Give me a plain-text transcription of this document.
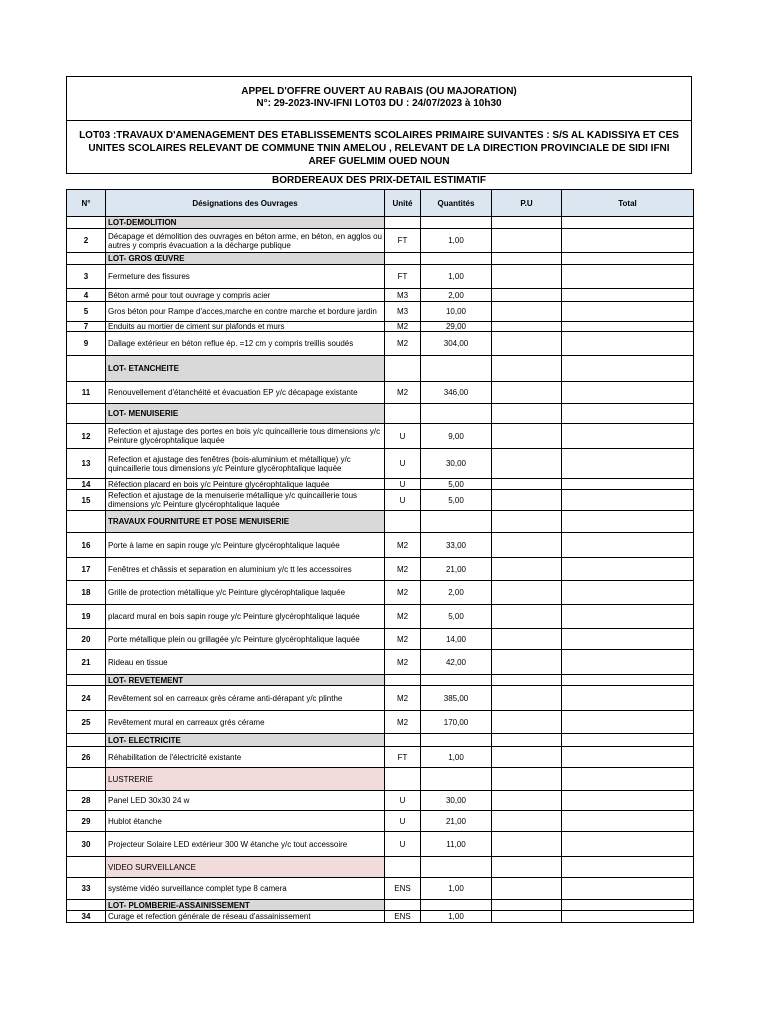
APPEL D'OFFRE OUVERT AU RABAIS (OU MAJORATION)
N°: 29-2023-INV-IFNI LOT03 DU : 24/07/2023 à 10h30
LOT03 :TRAVAUX D'AMENAGEMENT DES ETABLISSEMENTS SCOLAIRES PRIMAIRE SUIVANTES : S/S AL KADISSIYA ET CES UNITES SCOLAIRES RELEVANT DE COMMUNE TNIN AMELOU , RELEVANT DE LA DIRECTION PROVINCIALE DE SIDI IFNI AREF GUELMIM OUED NOUN
BORDEREAUX DES PRIX-DETAIL ESTIMATIF
N°	Désignations des Ouvrages	Unité	Quantités	P.U	Total
	LOT-DEMOLITION				
2	Décapage et démolition des ouvrages en béton arme, en béton, en agglos ou autres y compris évacuation a la décharge publique	FT	1,00		
	LOT- GROS ŒUVRE				
3	Fermeture des fissures	FT	1,00		
4	Béton armé pour tout ouvrage y compris acier	M3	2,00		
5	Gros béton pour Rampe d'acces,marche en contre marche et bordure jardin	M3	10,00		
7	Enduits au mortier de ciment sur plafonds et murs	M2	29,00		
9	Dallage extérieur en béton reflue ép. =12 cm y compris treillis soudés	M2	304,00		
	LOT- ETANCHEITE				
11	Renouvellement d'étanchéité et évacuation EP y/c décapage existante	M2	346,00		
	LOT- MENUISERIE				
12	Refection et ajustage des portes en bois y/c quincaillerie tous dimensions y/c Peinture glycérophtalique laquée	U	9,00		
13	Refection et ajustage des fenêtres (bois-aluminium et métallique) y/c quincaillerie tous dimensions y/c Peinture glycérophtalique laquée	U	30,00		
14	Réfection placard en bois y/c Peinture glycérophtalique laquée	U	5,00		
15	Refection et ajustage de la menuiserie métallique y/c quincaillerie tous dimensions y/c Peinture glycérophtalique laquée	U	5,00		
	TRAVAUX FOURNITURE ET POSE MENUISERIE				
16	Porte à lame en sapin rouge y/c Peinture glycérophtalique laquée	M2	33,00		
17	Fenêtres et châssis et separation en aluminium y/c tt les accessoires	M2	21,00		
18	Grille de protection métallique y/c Peinture glycérophtalique laquée	M2	2,00		
19	placard mural en bois sapin rouge y/c Peinture glycérophtalique laquée	M2	5,00		
20	Porte métallique plein ou grillagée y/c Peinture glycérophtalique laquée	M2	14,00		
21	Rideau en tissue	M2	42,00		
	LOT- REVETEMENT				
24	Revêtement sol en carreaux grès cérame anti-dérapant y/c plinthe	M2	385,00		
25	Revêtement mural en carreaux grés cérame	M2	170,00		
	LOT- ELECTRICITE				
26	Réhabilitation de l'électricité existante	FT	1,00		
	LUSTRERIE				
28	Panel LED 30x30 24 w	U	30,00		
29	Hublot étanche	U	21,00		
30	Projecteur Solaire LED extérieur 300 W étanche y/c tout accessoire	U	11,00		
	VIDEO SURVEILLANCE				
33	système vidéo surveillance complet type 8 camera	ENS	1,00		
	LOT- PLOMBERIE-ASSAINISSEMENT				
34	Curage et refection générale de réseau d'assainissement	ENS	1,00		
